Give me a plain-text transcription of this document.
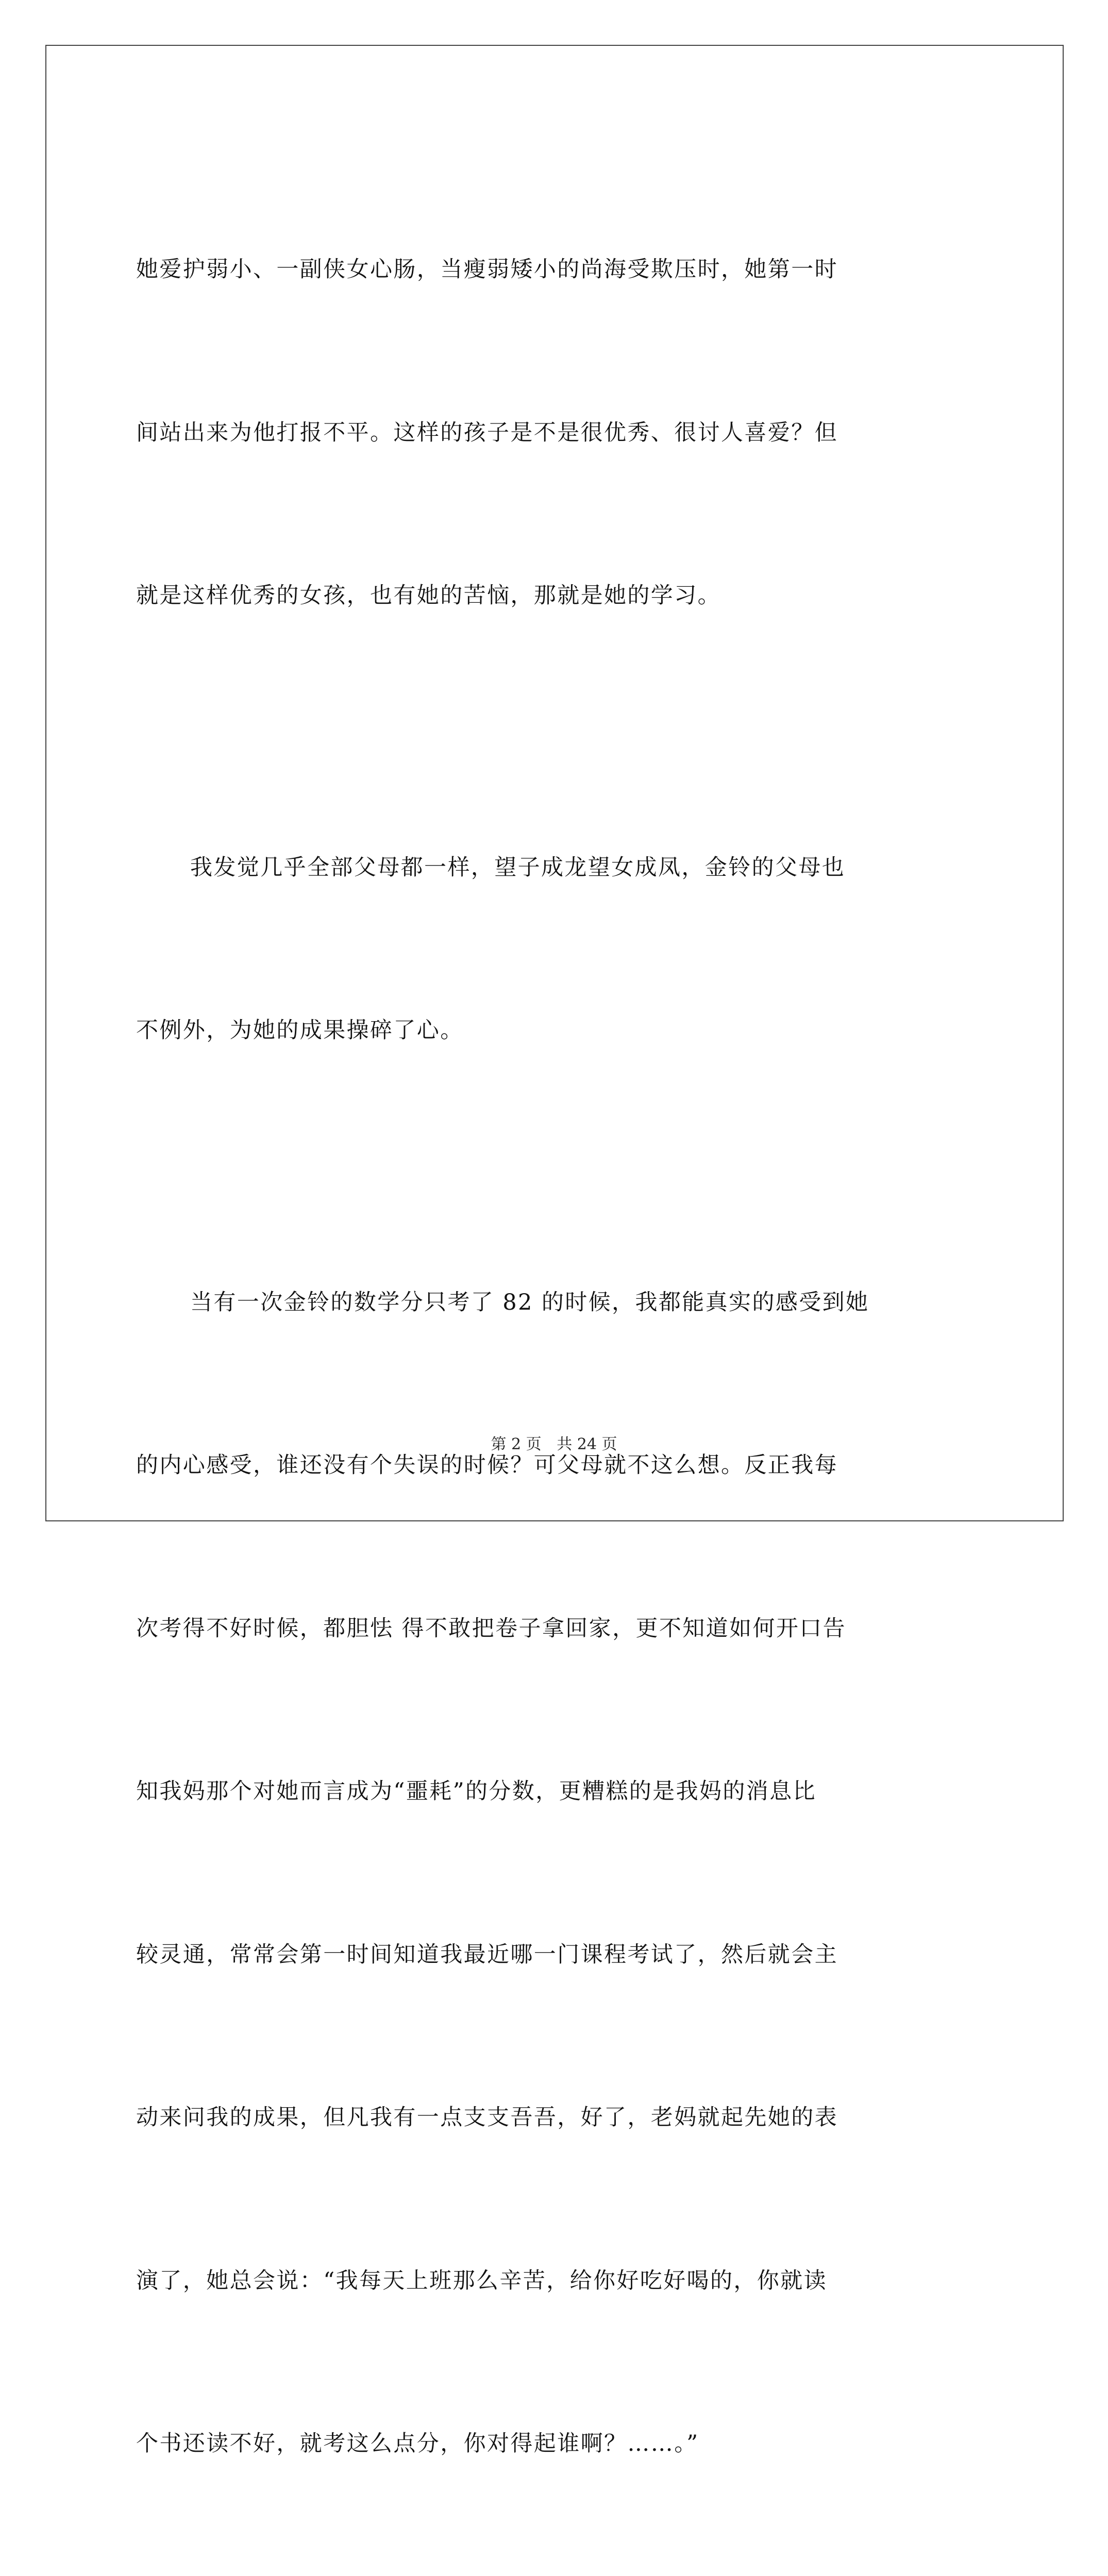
她爱护弱小、一副侠女心肠，当瘦弱矮小的尚海受欺压时，她第一时

间站出来为他打报不平。这样的孩子是不是很优秀、很讨人喜爱？但

就是这样优秀的女孩，也有她的苦恼，那就是她的学习。

我发觉几乎全部父母都一样，望子成龙望女成凤，金铃的父母也

不例外，为她的成果操碎了心。

当有一次金铃的数学分只考了 82 的时候，我都能真实的感受到她

的内心感受，谁还没有个失误的时候？可父母就不这么想。反正我每

次考得不好时候，都胆怯 得不敢把卷子拿回家，更不知道如何开口告

知我妈那个对她而言成为“噩耗”的分数，更糟糕的是我妈的消息比

较灵通，常常会第一时间知道我最近哪一门课程考试了，然后就会主

动来问我的成果，但凡我有一点支支吾吾，好了，老妈就起先她的表

演了，她总会说：“我每天上班那么辛苦，给你好吃好喝的，你就读

个书还读不好，就考这么点分，你对得起谁啊？……。”

第 2 页 共 24 页
